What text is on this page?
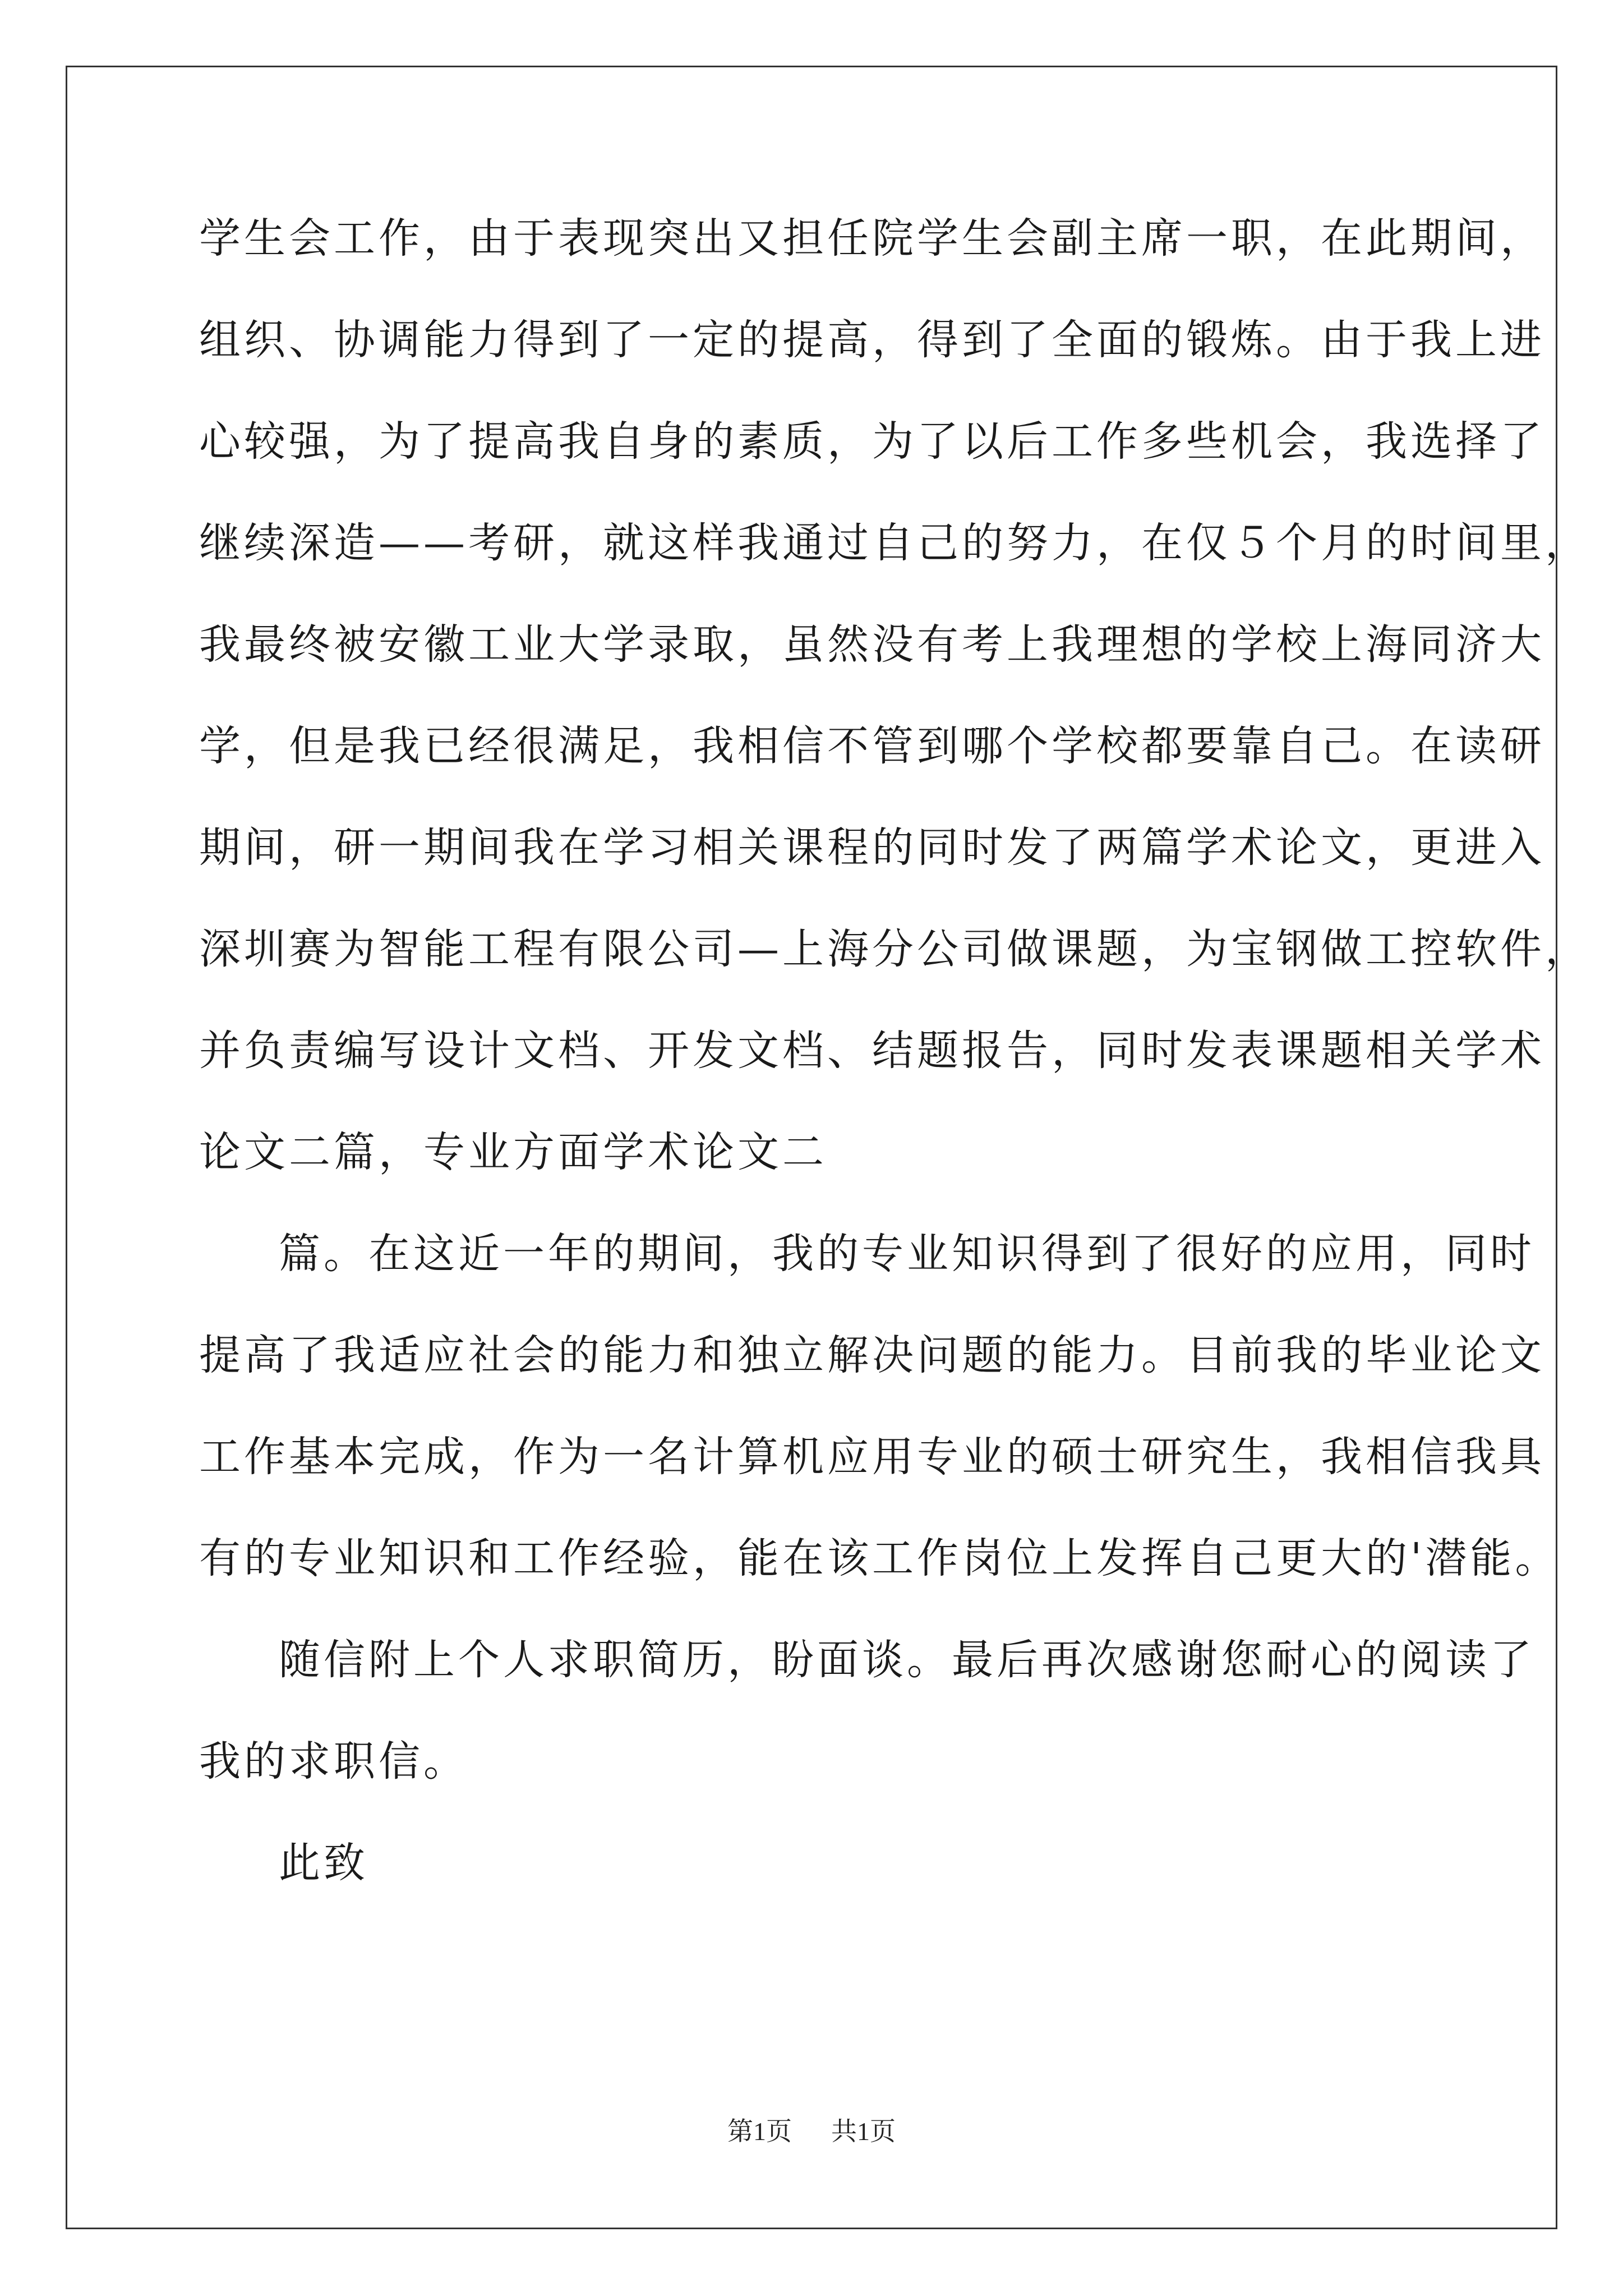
学生会工作，由于表现突出又担任院学生会副主席一职，在此期间，
组织、协调能力得到了一定的提高，得到了全面的锻炼。由于我上进
心较强，为了提高我自身的素质，为了以后工作多些机会，我选择了
继续深造——考研，就这样我通过自己的努力，在仅５个月的时间里，
我最终被安徽工业大学录取，虽然没有考上我理想的学校上海同济大
学，但是我已经很满足，我相信不管到哪个学校都要靠自己。在读研
期间，研一期间我在学习相关课程的同时发了两篇学术论文，更进入
深圳赛为智能工程有限公司—上海分公司做课题，为宝钢做工控软件，
并负责编写设计文档、开发文档、结题报告，同时发表课题相关学术
论文二篇，专业方面学术论文二
篇。在这近一年的期间，我的专业知识得到了很好的应用，同时
提高了我适应社会的能力和独立解决问题的能力。目前我的毕业论文
工作基本完成，作为一名计算机应用专业的硕士研究生，我相信我具
有的专业知识和工作经验，能在该工作岗位上发挥自己更大的'潜能。
随信附上个人求职简历，盼面谈。最后再次感谢您耐心的阅读了
我的求职信。
此致
第1页 共1页
